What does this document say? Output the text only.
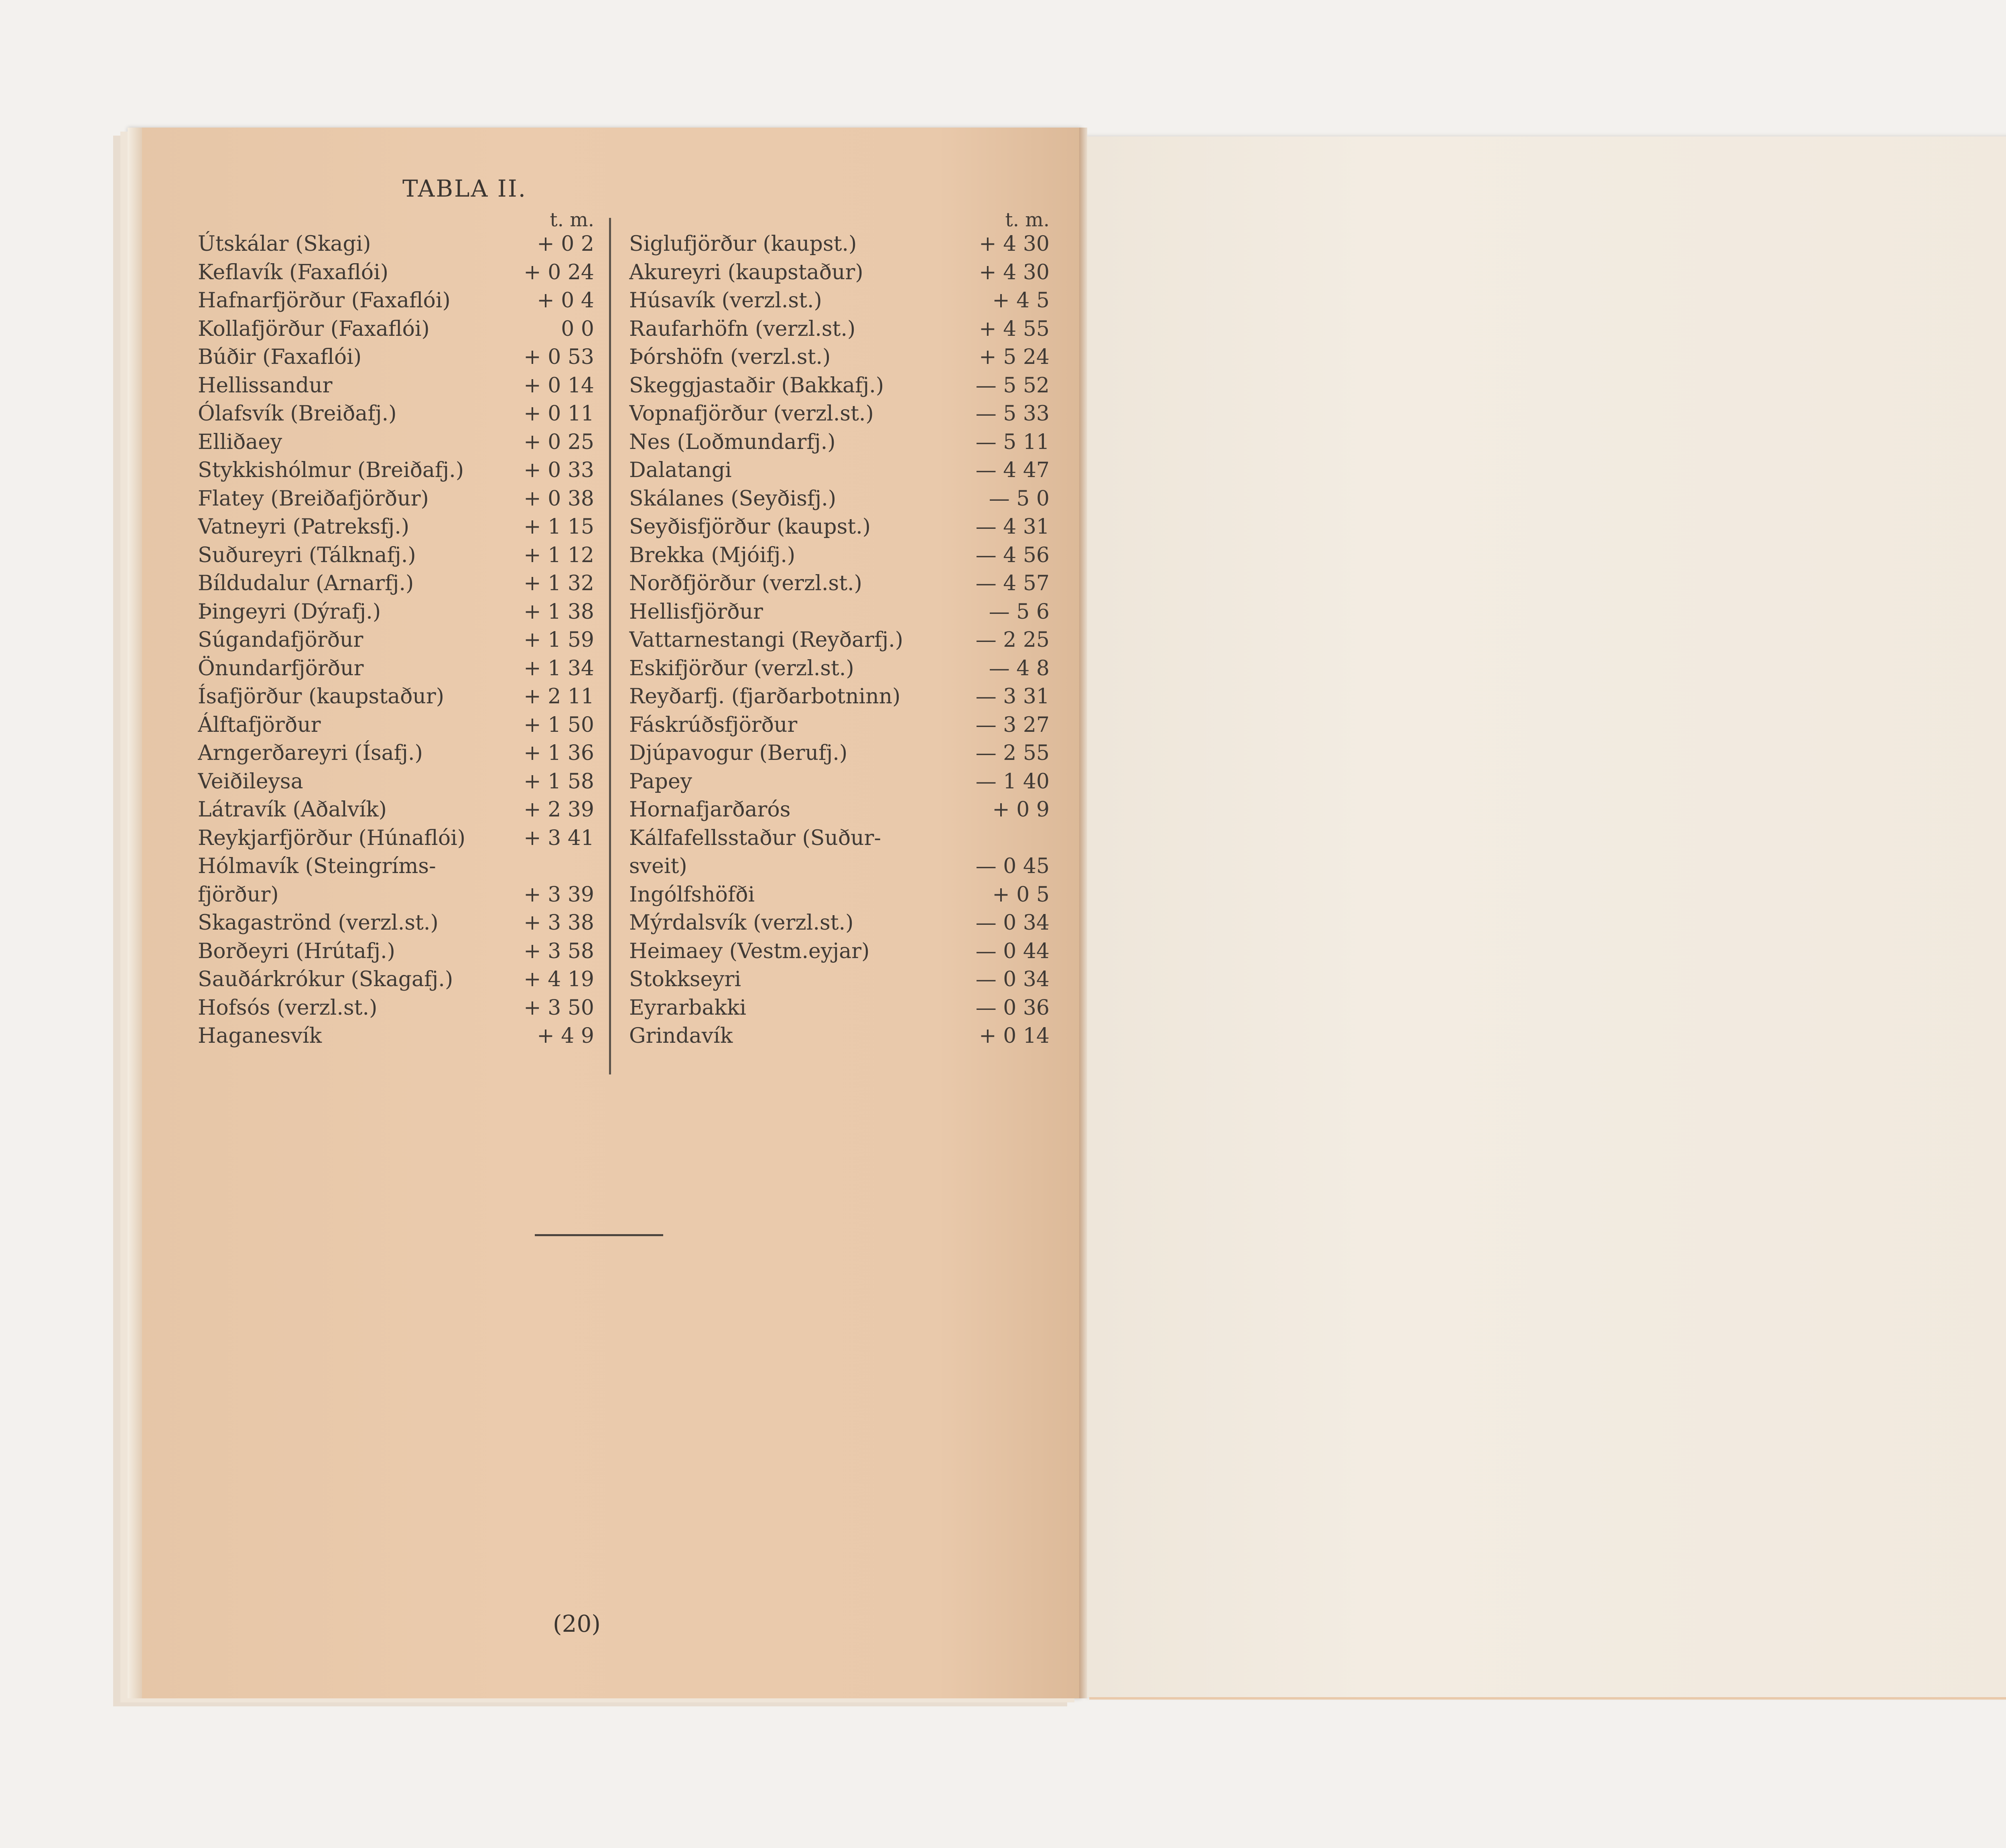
TABLA II.
t. m.
Útskálar (Skagi)	+ 0 2
Keflavík (Faxaflói)	+ 0 24
Hafnarfjörður (Faxaflói)	+ 0 4
Kollafjörður (Faxaflói)	0 0
Búðir (Faxaflói)	+ 0 53
Hellissandur	+ 0 14
Ólafsvík (Breiðafj.)	+ 0 11
Elliðaey	+ 0 25
Stykkishólmur (Breiðafj.)	+ 0 33
Flatey (Breiðafjörður)	+ 0 38
Vatneyri (Patreksfj.)	+ 1 15
Suðureyri (Tálknafj.)	+ 1 12
Bíldudalur (Arnarfj.)	+ 1 32
Þingeyri (Dýrafj.)	+ 1 38
Súgandafjörður	+ 1 59
Önundarfjörður	+ 1 34
Ísafjörður (kaupstaður)	+ 2 11
Álftafjörður	+ 1 50
Arngerðareyri (Ísafj.)	+ 1 36
Veiðileysa	+ 1 58
Látravík (Aðalvík)	+ 2 39
Reykjarfjörður (Húnaflói)	+ 3 41
Hólmavík (Steingríms-
fjörður)	+ 3 39
Skagaströnd (verzl.st.)	+ 3 38
Borðeyri (Hrútafj.)	+ 3 58
Sauðárkrókur (Skagafj.)	+ 4 19
Hofsós (verzl.st.)	+ 3 50
Haganesvík	+ 4 9
t. m.
Siglufjörður (kaupst.)	+ 4 30
Akureyri (kaupstaður)	+ 4 30
Húsavík (verzl.st.)	+ 4 5
Raufarhöfn (verzl.st.)	+ 4 55
Þórshöfn (verzl.st.)	+ 5 24
Skeggjastaðir (Bakkafj.)	— 5 52
Vopnafjörður (verzl.st.)	— 5 33
Nes (Loðmundarfj.)	— 5 11
Dalatangi	— 4 47
Skálanes (Seyðisfj.)	— 5 0
Seyðisfjörður (kaupst.)	— 4 31
Brekka (Mjóifj.)	— 4 56
Norðfjörður (verzl.st.)	— 4 57
Hellisfjörður	— 5 6
Vattarnestangi (Reyðarfj.)	— 2 25
Eskifjörður (verzl.st.)	— 4 8
Reyðarfj. (fjarðarbotninn)	— 3 31
Fáskrúðsfjörður	— 3 27
Djúpavogur (Berufj.)	— 2 55
Papey	— 1 40
Hornafjarðarós	+ 0 9
Kálfafellsstaður (Suður-
sveit)	— 0 45
Ingólfshöfði	+ 0 5
Mýrdalsvík (verzl.st.)	— 0 34
Heimaey (Vestm.eyjar)	— 0 44
Stokkseyri	— 0 34
Eyrarbakki	— 0 36
Grindavík	+ 0 14
(20)
